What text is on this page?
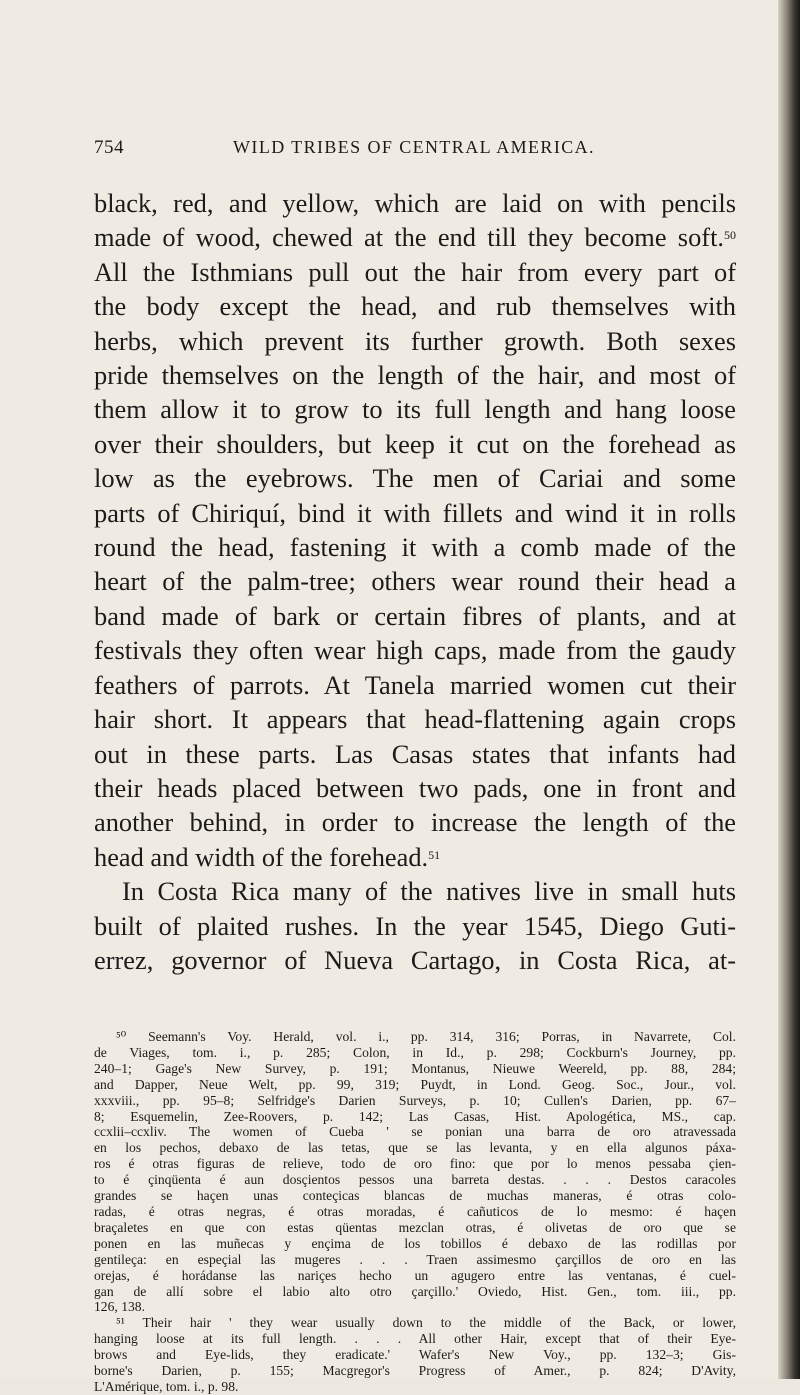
754	WILD TRIBES OF CENTRAL AMERICA.

black, red, and yellow, which are laid on with pencils
made of wood, chewed at the end till they become soft.$^{50}$
All the Isthmians pull out the hair from every part of
the body except the head, and rub themselves with
herbs, which prevent its further growth. Both sexes
pride themselves on the length of the hair, and most of
them allow it to grow to its full length and hang loose
over their shoulders, but keep it cut on the forehead as
low as the eyebrows. The men of Cariai and some
parts of Chiriquí, bind it with fillets and wind it in rolls
round the head, fastening it with a comb made of the
heart of the palm-tree; others wear round their head a
band made of bark or certain fibres of plants, and at
festivals they often wear high caps, made from the gaudy
feathers of parrots. At Tanela married women cut their
hair short. It appears that head-flattening again crops
out in these parts. Las Casas states that infants had
their heads placed between two pads, one in front and
another behind, in order to increase the length of the
head and width of the forehead.$^{51}$

In Costa Rica many of the natives live in small huts
built of plaited rushes. In the year 1545, Diego Guti-
errez, governor of Nueva Cartago, in Costa Rica, at-

⁵⁰ Seemann's Voy. Herald, vol. i., pp. 314, 316; Porras, in Navarrete, Col.
de Viages, tom. i., p. 285; Colon, in Id., p. 298; Cockburn's Journey, pp.
240–1; Gage's New Survey, p. 191; Montanus, Nieuwe Weereld, pp. 88, 284;
and Dapper, Neue Welt, pp. 99, 319; Puydt, in Lond. Geog. Soc., Jour., vol.
xxxviii., pp. 95–8; Selfridge's Darien Surveys, p. 10; Cullen's Darien, pp. 67–
8; Esquemelin, Zee-Roovers, p. 142; Las Casas, Hist. Apologética, MS., cap.
ccxlii–ccxliv. The women of Cueba ' se ponian una barra de oro atravessada
en los pechos, debaxo de las tetas, que se las levanta, y en ella algunos páxa-
ros é otras figuras de relieve, todo de oro fino: que por lo menos pessaba çien-
to é çinqüenta é aun dosçientos pessos una barreta destas. . . . Destos caracoles
grandes se haçen unas conteçicas blancas de muchas maneras, é otras colo-
radas, é otras negras, é otras moradas, é cañuticos de lo mesmo: é haçen
braçaletes en que con estas qüentas mezclan otras, é olivetas de oro que se
ponen en las muñecas y ençima de los tobillos é debaxo de las rodillas por
gentileça: en espeçial las mugeres . . . Traen assimesmo çarçillos de oro en las
orejas, é horádanse las nariçes hecho un agugero entre las ventanas, é cuel-
gan de allí sobre el labio alto otro çarçillo.' Oviedo, Hist. Gen., tom. iii., pp.
126, 138.
⁵¹ Their hair ' they wear usually down to the middle of the Back, or lower,
hanging loose at its full length. . . . All other Hair, except that of their Eye-
brows and Eye-lids, they eradicate.' Wafer's New Voy., pp. 132–3; Gis-
borne's Darien, p. 155; Macgregor's Progress of Amer., p. 824; D'Avity,
L'Amérique, tom. i., p. 98.
